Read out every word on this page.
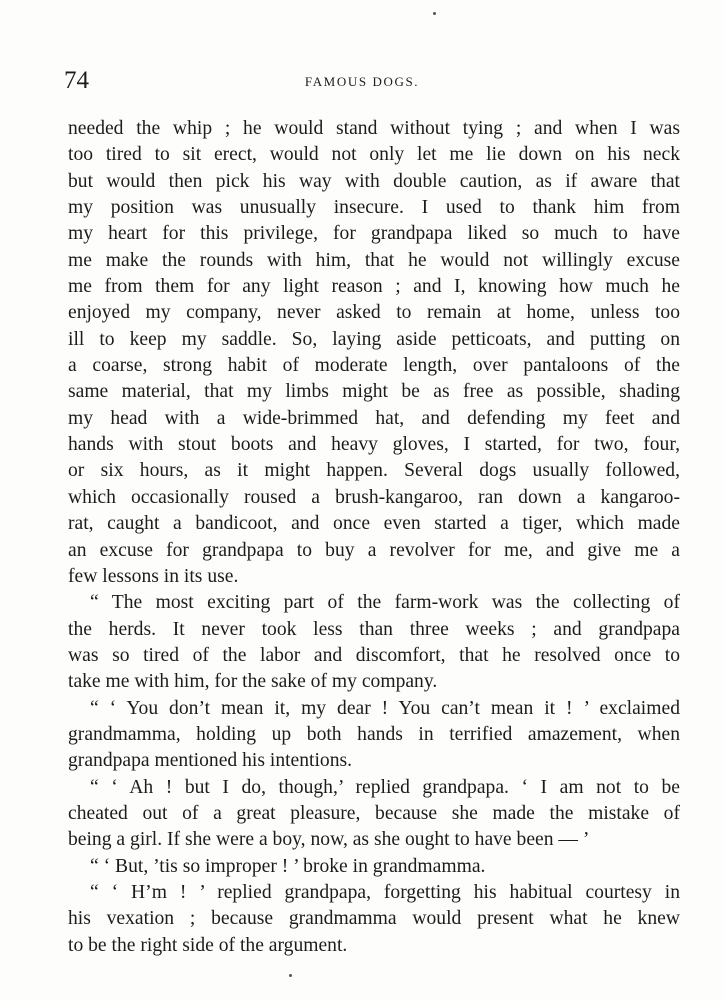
74	FAMOUS DOGS.
needed the whip ; he would stand without tying ; and when I was
too tired to sit erect, would not only let me lie down on his neck
but would then pick his way with double caution, as if aware that
my position was unusually insecure. I used to thank him from
my heart for this privilege, for grandpapa liked so much to have
me make the rounds with him, that he would not willingly excuse
me from them for any light reason ; and I, knowing how much he
enjoyed my company, never asked to remain at home, unless too
ill to keep my saddle. So, laying aside petticoats, and putting on
a coarse, strong habit of moderate length, over pantaloons of the
same material, that my limbs might be as free as possible, shading
my head with a wide-brimmed hat, and defending my feet and
hands with stout boots and heavy gloves, I started, for two, four,
or six hours, as it might happen. Several dogs usually followed,
which occasionally roused a brush-kangaroo, ran down a kangaroo-
rat, caught a bandicoot, and once even started a tiger, which made
an excuse for grandpapa to buy a revolver for me, and give me a
few lessons in its use.
“ The most exciting part of the farm-work was the collecting of
the herds. It never took less than three weeks ; and grandpapa
was so tired of the labor and discomfort, that he resolved once to
take me with him, for the sake of my company.
“ ‘ You don’t mean it, my dear ! You can’t mean it ! ’ exclaimed
grandmamma, holding up both hands in terrified amazement, when
grandpapa mentioned his intentions.
“ ‘ Ah ! but I do, though,’ replied grandpapa. ‘ I am not to be
cheated out of a great pleasure, because she made the mistake of
being a girl. If she were a boy, now, as she ought to have been — ’
“ ‘ But, ’tis so improper ! ’ broke in grandmamma.
“ ‘ H’m ! ’ replied grandpapa, forgetting his habitual courtesy in
his vexation ; because grandmamma would present what he knew
to be the right side of the argument.
